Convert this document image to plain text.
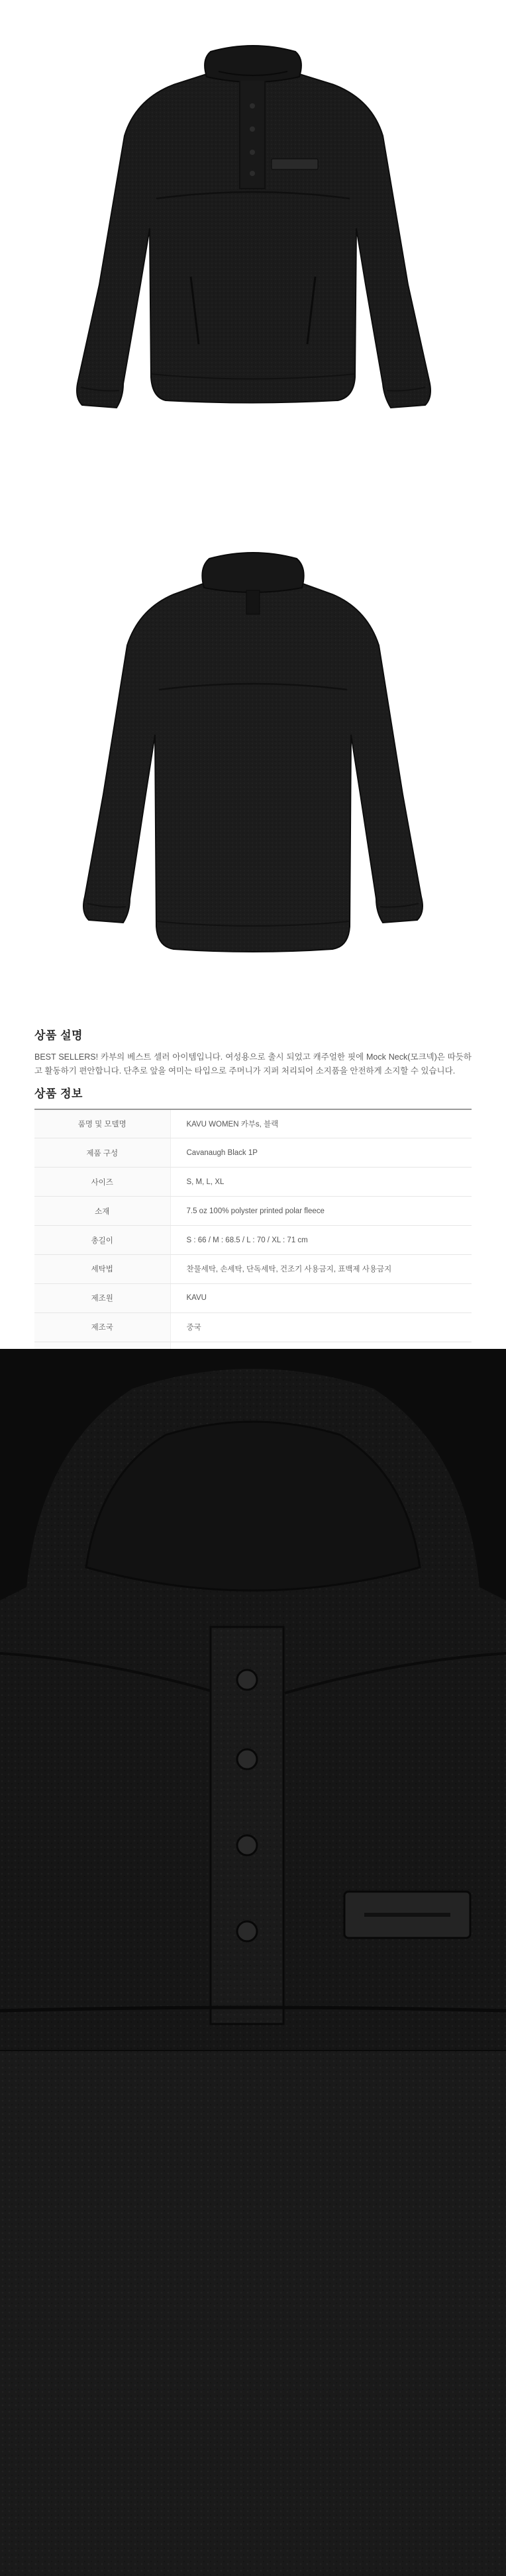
상품 설명
BEST SELLERS! 카부의 베스트 셀러 아이템입니다. 여성용으로 출시 되었고 캐주얼한 핏에 Mock Neck(모크넥)은 따듯하고 활동하기 편안합니다. 단추로 앞을 여미는 타입으로 주머니가 지퍼 처리되어 소지품을 안전하게 소지할 수 있습니다.
상품 정보
품명 및 모델명	KAVU WOMEN 카부s, 블랙
제품 구성	Cavanaugh Black 1P
사이즈	S, M, L, XL
소재	7.5 oz 100% polyster printed polar fleece
총길이	S : 66 / M : 68.5 / L : 70 / XL : 71 cm
세탁법	찬물세탁, 손세탁, 단독세탁, 건조기 사용금지, 표백제 사용금지
제조원	KAVU
제조국	중국
